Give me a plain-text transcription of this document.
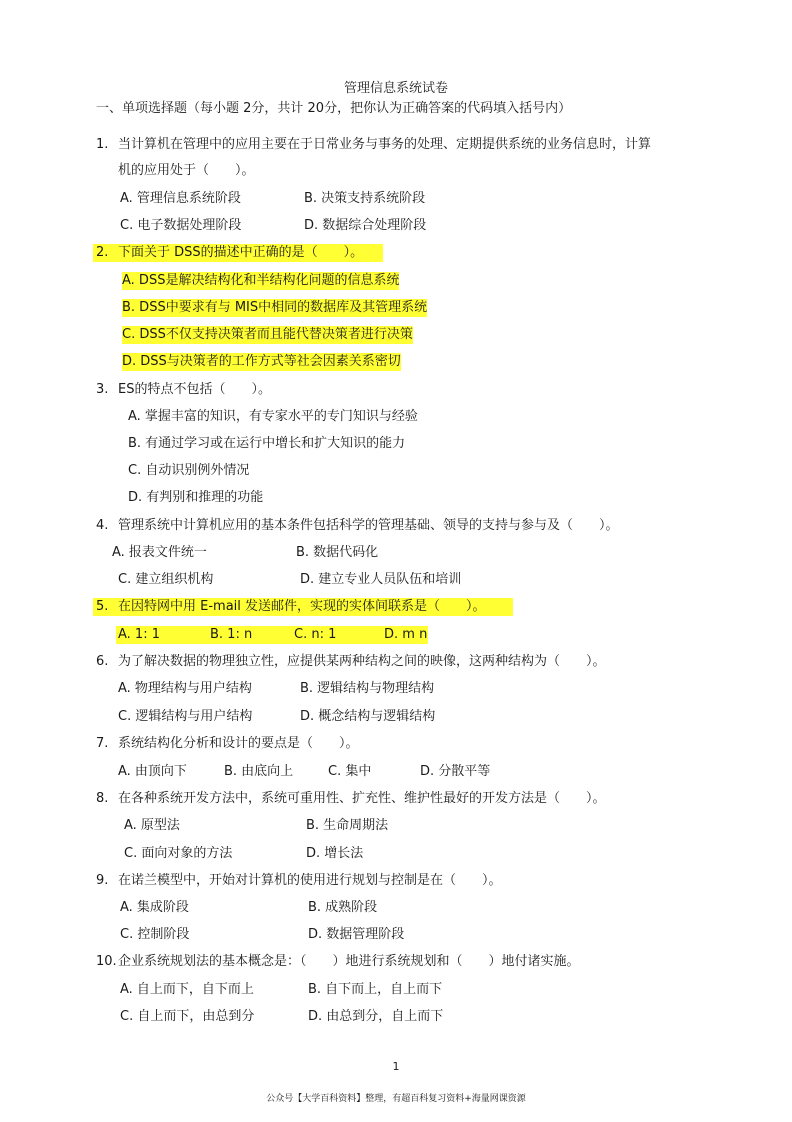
管理信息系统试卷
一、单项选择题（每小题 2分，共计 20分，把你认为正确答案的代码填入括号内）
1. 当计算机在管理中的应用主要在于日常业务与事务的处理、定期提供系统的业务信息时，计算
机的应用处于（　　）。
A. 管理信息系统阶段	B. 决策支持系统阶段
C. 电子数据处理阶段	D. 数据综合处理阶段
2. 下面关于 DSS的描述中正确的是（　　）。
A. DSS是解决结构化和半结构化问题的信息系统
B. DSS中要求有与 MIS中相同的数据库及其管理系统
C. DSS不仅支持决策者而且能代替决策者进行决策
D. DSS与决策者的工作方式等社会因素关系密切
3. ES的特点不包括（　　）。
A. 掌握丰富的知识，有专家水平的专门知识与经验
B. 有通过学习或在运行中增长和扩大知识的能力
C. 自动识别例外情况
D. 有判别和推理的功能
4. 管理系统中计算机应用的基本条件包括科学的管理基础、领导的支持与参与及（　　）。
A. 报表文件统一	B. 数据代码化
C. 建立组织机构	D. 建立专业人员队伍和培训
5. 在因特网中用 E-mail 发送邮件，实现的实体间联系是（　　）。
A. 1: 1	B. 1: n	C. n: 1	D. m n
6. 为了解决数据的物理独立性，应提供某两种结构之间的映像，这两种结构为（　　）。
A. 物理结构与用户结构	B. 逻辑结构与物理结构
C. 逻辑结构与用户结构	D. 概念结构与逻辑结构
7. 系统结构化分析和设计的要点是（　　）。
A. 由顶向下	B. 由底向上	C. 集中	D. 分散平等
8. 在各种系统开发方法中，系统可重用性、扩充性、维护性最好的开发方法是（　　）。
A. 原型法	B. 生命周期法
C. 面向对象的方法	D. 增长法
9. 在诺兰模型中，开始对计算机的使用进行规划与控制是在（　　）。
A. 集成阶段	B. 成熟阶段
C. 控制阶段	D. 数据管理阶段
10. 企业系统规划法的基本概念是：（　　）地进行系统规划和（　　）地付诸实施。
A. 自上而下，自下而上	B. 自下而上，自上而下
C. 自上而下，由总到分	D. 由总到分，自上而下
1
公众号【大学百科资料】整理，有超百科复习资料+海量网课资源
